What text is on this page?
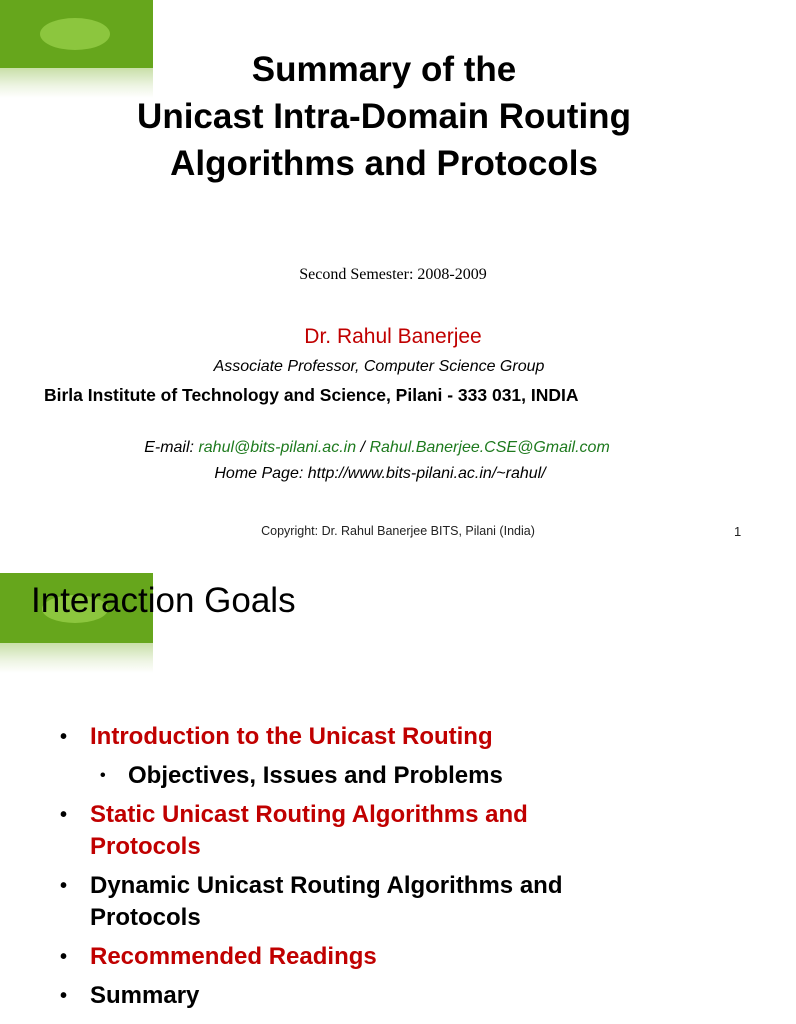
Summary of the
Unicast Intra-Domain Routing
Algorithms and Protocols
Second Semester: 2008-2009
Dr. Rahul Banerjee
Associate Professor, Computer Science Group
Birla Institute of Technology and Science, Pilani - 333 031, INDIA
E-mail: rahul@bits-pilani.ac.in / Rahul.Banerjee.CSE@Gmail.com
Home Page: http://www.bits-pilani.ac.in/~rahul/
Copyright: Dr. Rahul Banerjee BITS, Pilani (India)	1
Interaction Goals
• Introduction to the Unicast Routing
• Objectives, Issues and Problems
• Static Unicast Routing Algorithms and Protocols
• Dynamic Unicast Routing Algorithms and Protocols
• Recommended Readings
• Summary
